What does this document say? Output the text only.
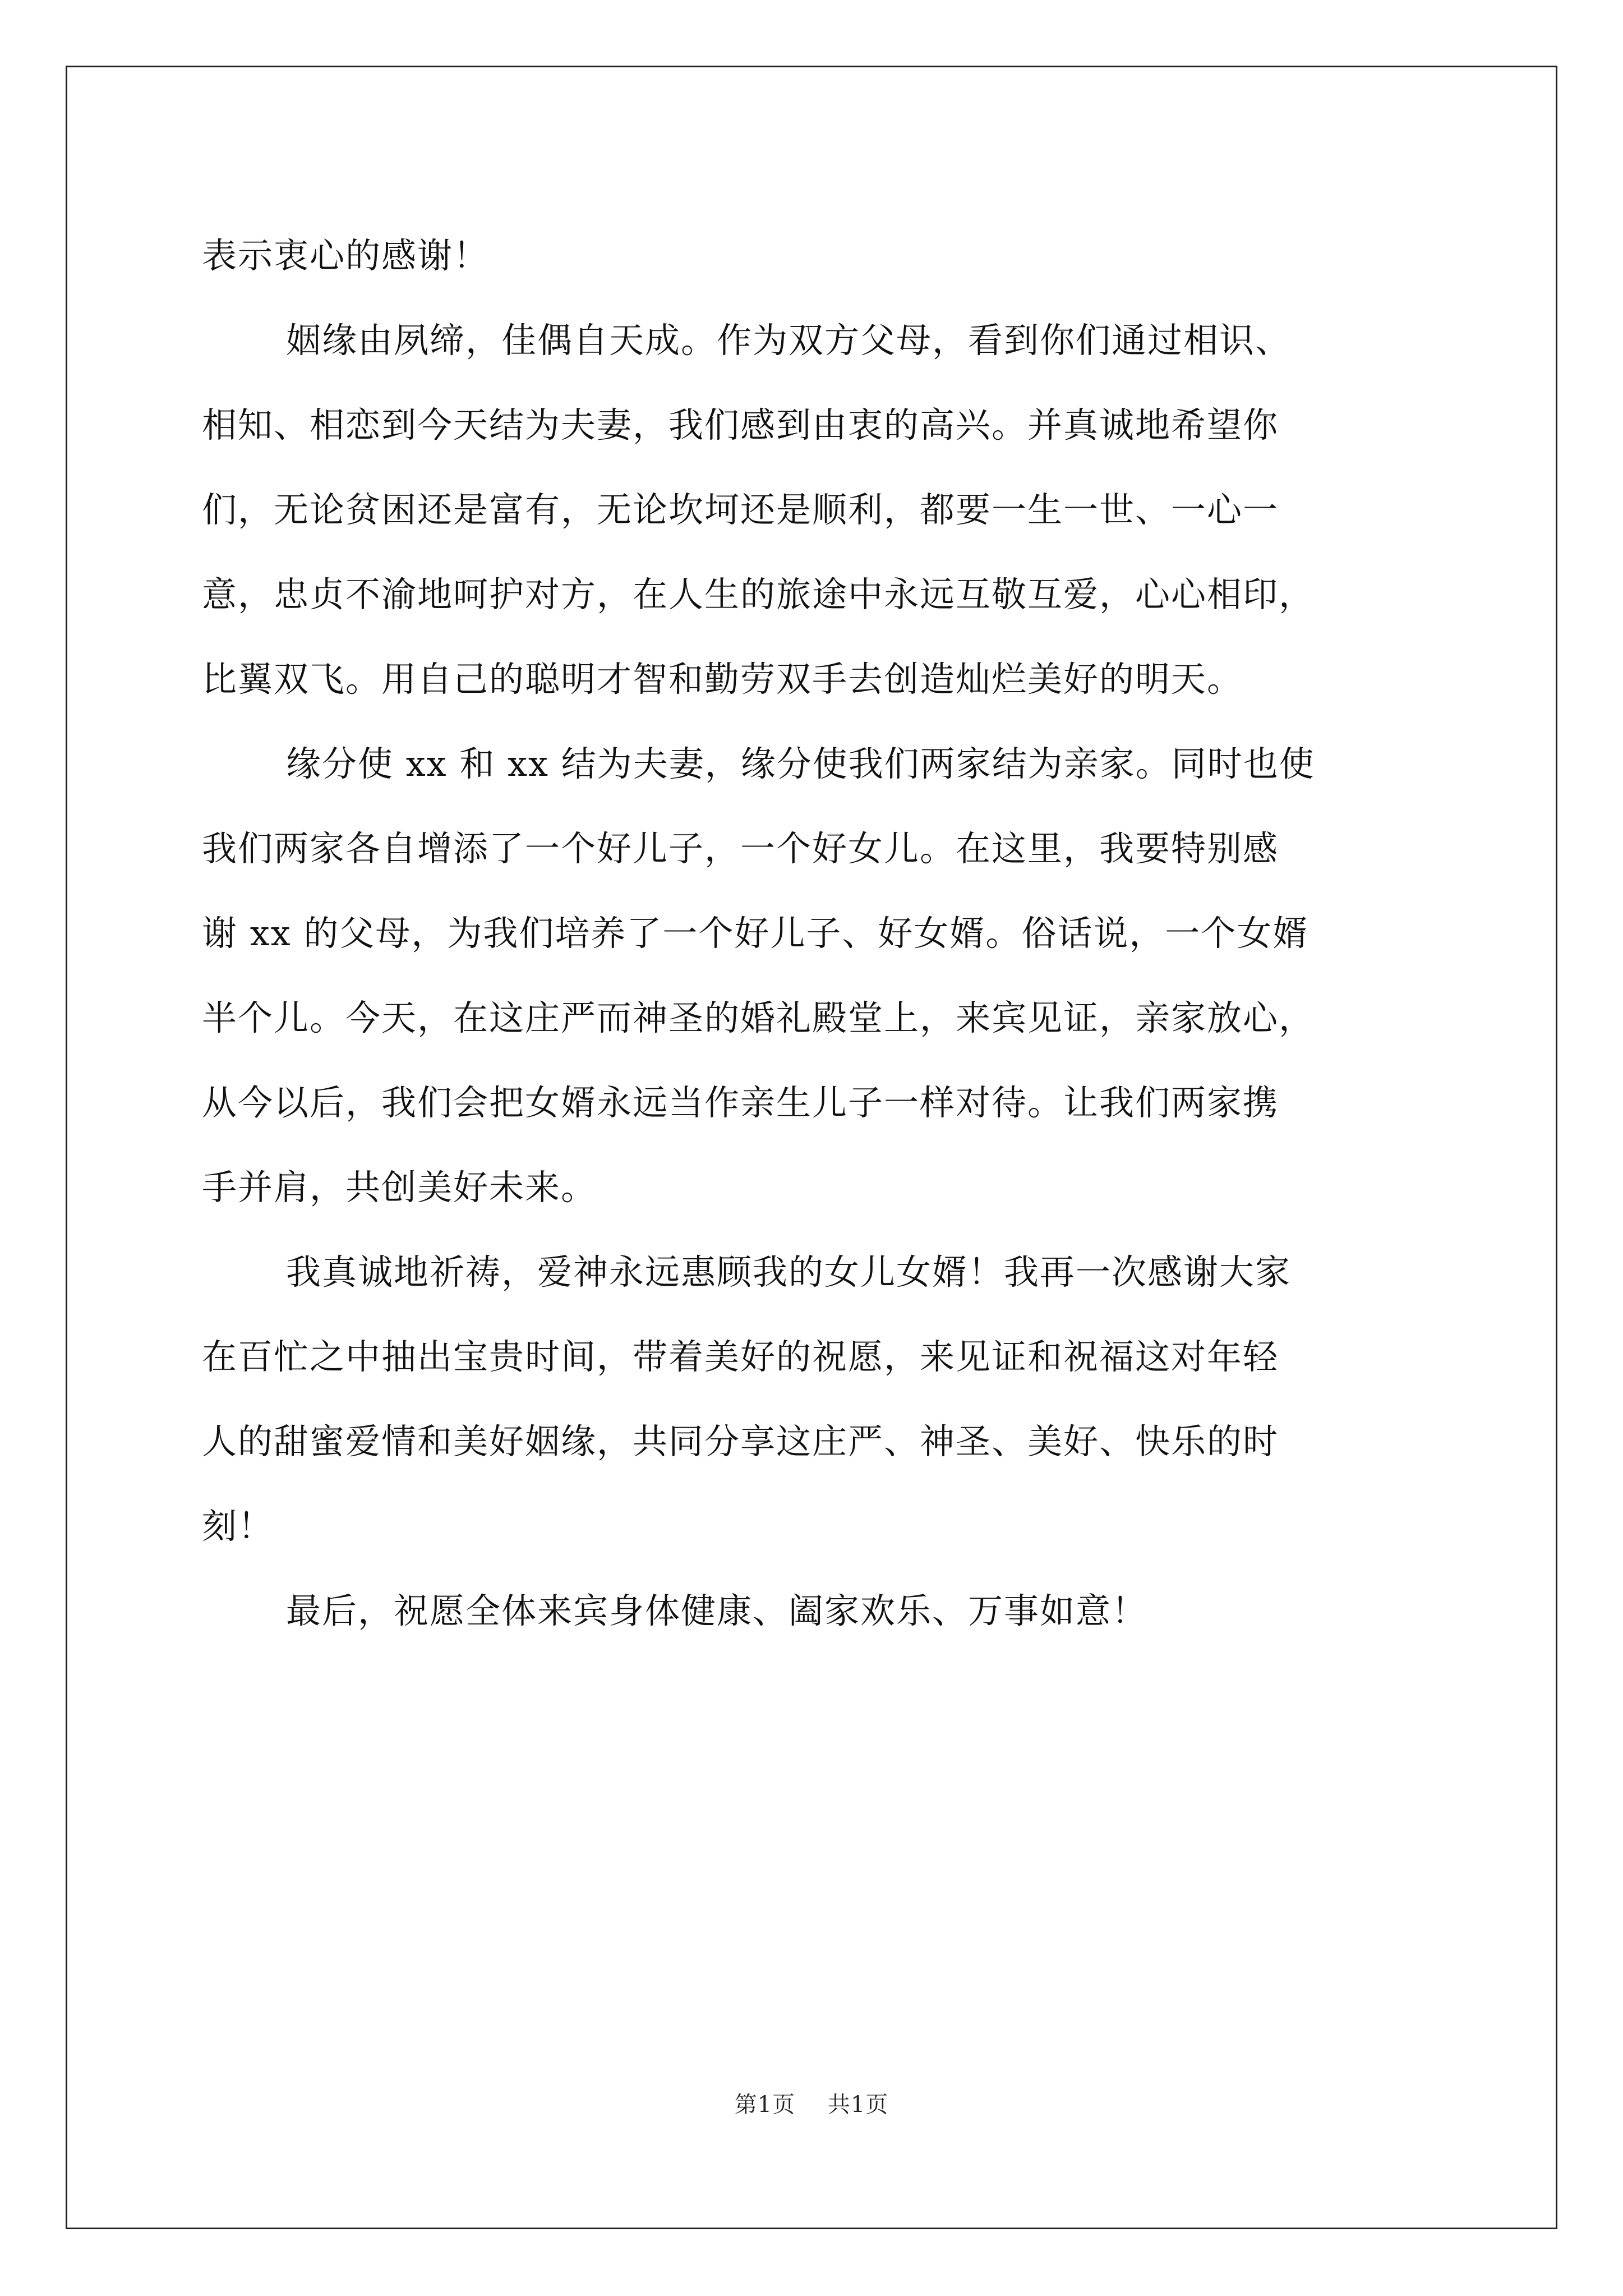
表示衷心的感谢！
姻缘由夙缔，佳偶自天成。作为双方父母，看到你们通过相识、
相知、相恋到今天结为夫妻，我们感到由衷的高兴。并真诚地希望你
们，无论贫困还是富有，无论坎坷还是顺利，都要一生一世、一心一
意，忠贞不渝地呵护对方，在人生的旅途中永远互敬互爱，心心相印，
比翼双飞。用自己的聪明才智和勤劳双手去创造灿烂美好的明天。
缘分使 xx 和 xx 结为夫妻，缘分使我们两家结为亲家。同时也使
我们两家各自增添了一个好儿子，一个好女儿。在这里，我要特别感
谢 xx 的父母，为我们培养了一个好儿子、好女婿。俗话说，一个女婿
半个儿。今天，在这庄严而神圣的婚礼殿堂上，来宾见证，亲家放心，
从今以后，我们会把女婿永远当作亲生儿子一样对待。让我们两家携
手并肩，共创美好未来。
我真诚地祈祷，爱神永远惠顾我的女儿女婿！我再一次感谢大家
在百忙之中抽出宝贵时间，带着美好的祝愿，来见证和祝福这对年轻
人的甜蜜爱情和美好姻缘，共同分享这庄严、神圣、美好、快乐的时
刻！
最后，祝愿全体来宾身体健康、阖家欢乐、万事如意！
第1页 共1页
